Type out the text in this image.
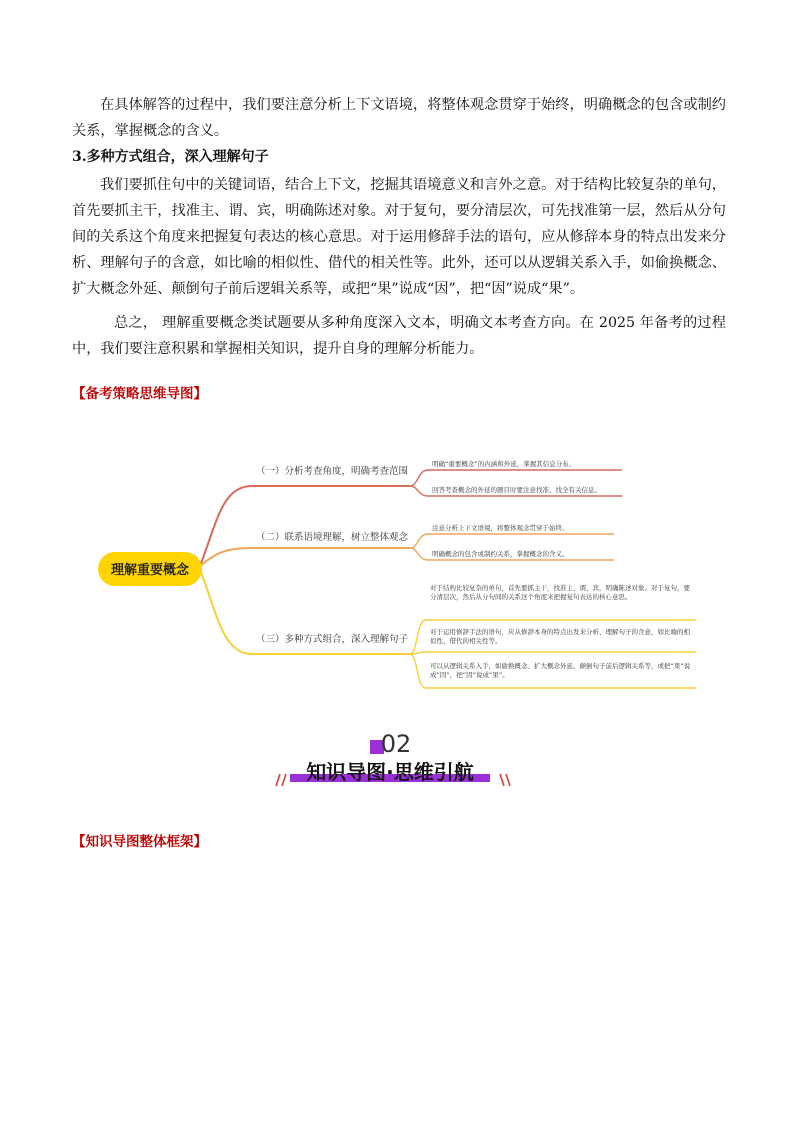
在具体解答的过程中，我们要注意分析上下文语境，将整体观念贯穿于始终，明确概念的包含或制约关系，掌握概念的含义。

3.多种方式组合，深入理解句子

我们要抓住句中的关键词语，结合上下文，挖掘其语境意义和言外之意。对于结构比较复杂的单句，首先要抓主干，找准主、谓、宾，明确陈述对象。对于复句，要分清层次，可先找准第一层，然后从分句间的关系这个角度来把握复句表达的核心意思。对于运用修辞手法的语句，应从修辞本身的特点出发来分析、理解句子的含意，如比喻的相似性、借代的相关性等。此外，还可以从逻辑关系入手，如偷换概念、扩大概念外延、颠倒句子前后逻辑关系等，或把“果”说成“因”，把“因”说成“果”。

总之， 理解重要概念类试题要从多种角度深入文本，明确文本考查方向。在 2025 年备考的过程中，我们要注意积累和掌握相关知识，提升自身的理解分析能力。

【备考策略思维导图】

理解重要概念
（一）分析考查角度，明确考查范围
（二）联系语境理解，树立整体观念
（三）多种方式组合，深入理解句子
明确“重要概念”的内涵和外延，掌握其信息分布。
回答考查概念的外延的题目时要注意找准、找全有关信息。
注意分析上下文语境，将整体观念贯穿于始终。
明确概念的包含或制约关系，掌握概念的含义。
对于结构比较复杂的单句，首先要抓主干，找准主、谓、宾，明确陈述对象。对于复句，要分清层次，然后从分句间的关系这个角度来把握复句表达的核心意思。
对于运用修辞手法的语句，应从修辞本身的特点出发来分析、理解句子的含意，如比喻的相似性、借代的相关性等。
可以从逻辑关系入手，如偷换概念、扩大概念外延、颠倒句子前后逻辑关系等，或把“果”说成“因”，把“因”说成“果”。
02
知识导图·思维引航

【知识导图整体框架】
